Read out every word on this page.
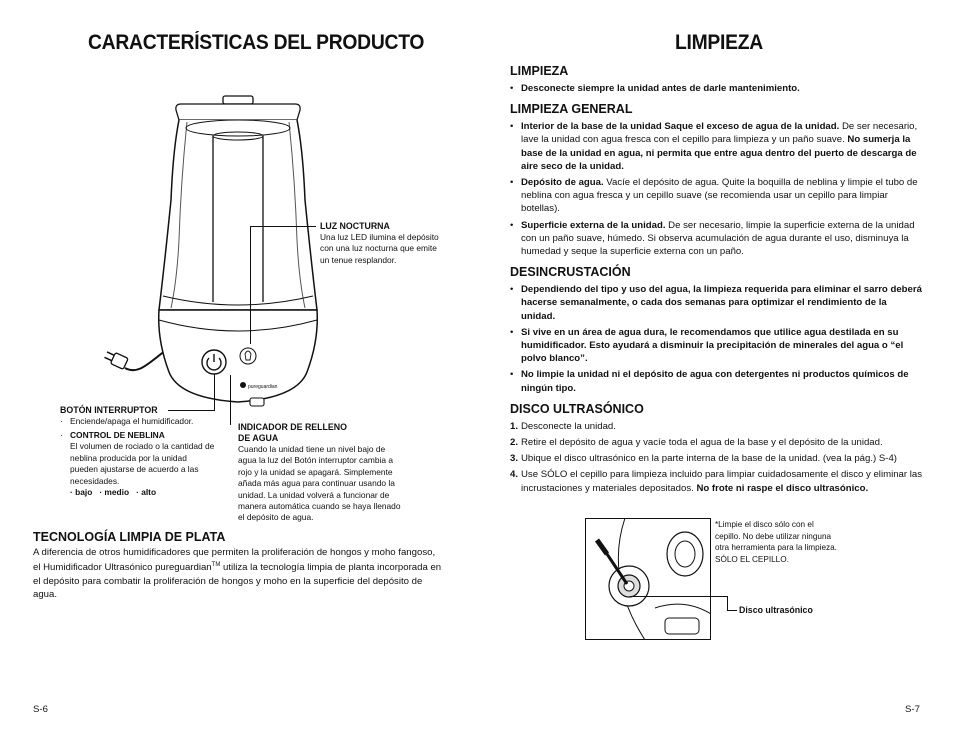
CARACTERÍSTICAS DEL PRODUCTO
pureguardian
LUZ NOCTURNA
Una luz LED ilumina el depósito con una luz nocturna que emite un tenue resplandor.
BOTÓN INTERRUPTOR
· Enciende/apaga el humidificador.
· CONTROL DE NEBLINA
El volumen de rociado o la cantidad de neblina producida por la unidad pueden ajustarse de acuerdo a las necesidades.
· bajo   · medio   · alto
INDICADOR DE RELLENO
DE AGUA
Cuando la unidad tiene un nivel bajo de agua la luz del Botón interruptor cambia a rojo y la unidad se apagará. Simplemente añada más agua para continuar usando la unidad. La unidad volverá a funcionar de manera automática cuando se haya llenado el depósito de agua.
TECNOLOGÍA LIMPIA DE PLATA
A diferencia de otros humidificadores que permiten la proliferación de hongos y moho fangoso, el Humidificador Ultrasónico pureguardian™ utiliza la tecnología limpia de planta incorporada en el depósito para combatir la proliferación de hongos y moho en la superficie del depósito de agua.
S-6
LIMPIEZA
LIMPIEZA
• Desconecte siempre la unidad antes de darle mantenimiento.
LIMPIEZA GENERAL
• Interior de la base de la unidad Saque el exceso de agua de la unidad. De ser necesario, lave la unidad con agua fresca con el cepillo para limpieza y un paño suave. No sumerja la base de la unidad en agua, ni permita que entre agua dentro del puerto de descarga de aire seco de la unidad.
• Depósito de agua. Vacíe el depósito de agua. Quite la boquilla de neblina y limpie el tubo de neblina con agua fresca y un cepillo suave (se recomienda usar un cepillo para limpiar botellas).
• Superficie externa de la unidad. De ser necesario, limpie la superficie externa de la unidad con un paño suave, húmedo. Si observa acumulación de agua durante el uso, disminuya la humedad y seque la superficie externa con un paño.
DESINCRUSTACIÓN
• Dependiendo del tipo y uso del agua, la limpieza requerida para eliminar el sarro deberá hacerse semanalmente, o cada dos semanas para optimizar el rendimiento de la unidad.
• Si vive en un área de agua dura, le recomendamos que utilice agua destilada en su humidificador. Esto ayudará a disminuir la precipitación de minerales del agua o “el polvo blanco”.
• No limpie la unidad ni el depósito de agua con detergentes ni productos químicos de ningún tipo.
DISCO ULTRASÓNICO
1. Desconecte la unidad.
2. Retire el depósito de agua y vacíe toda el agua de la base y el depósito de la unidad.
3. Ubique el disco ultrasónico en la parte interna de la base de la unidad. (vea la pág.) S-4)
4. Use SÓLO el cepillo para limpieza incluido para limpiar cuidadosamente el disco y eliminar las incrustaciones y materiales depositados. No frote ni raspe el disco ultrasónico.
*Limpie el disco sólo con el cepillo. No debe utilizar ninguna otra herramienta para la limpieza. SÓLO EL CEPILLO.
Disco ultrasónico
S-7
